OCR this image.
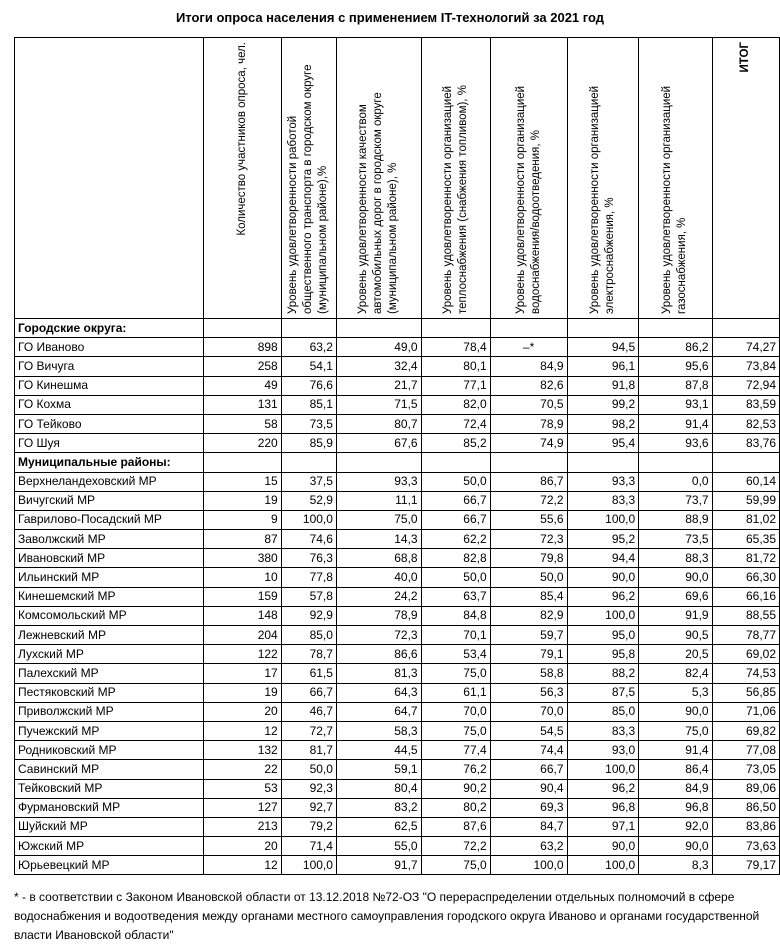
Итоги опроса населения с применением IT-технологий за 2021 год

	Количество участников опроса, чел.	Уровень удовлетворенности работой общественного транспорта в городском округе (муниципальном районе),%	Уровень удовлетворенности качеством автомобильных дорог в городском округе (муниципальном районе), %	Уровень удовлетворенности организацией теплоснабжения (снабжения топливом), %	Уровень удовлетворенности организацией водоснабжения/водоотведения, %	Уровень удовлетворенности организацией электроснабжения, %	Уровень удовлетворенности организацией газоснабжения, %	ИТОГ

Городские округа:								
ГО Иваново	898	63,2	49,0	78,4	–*	94,5	86,2	74,27
ГО Вичуга	258	54,1	32,4	80,1	84,9	96,1	95,6	73,84
ГО Кинешма	49	76,6	21,7	77,1	82,6	91,8	87,8	72,94
ГО Кохма	131	85,1	71,5	82,0	70,5	99,2	93,1	83,59
ГО Тейково	58	73,5	80,7	72,4	78,9	98,2	91,4	82,53
ГО Шуя	220	85,9	67,6	85,2	74,9	95,4	93,6	83,76
Муниципальные районы:								
Верхнеландеховский МР	15	37,5	93,3	50,0	86,7	93,3	0,0	60,14
Вичугский МР	19	52,9	11,1	66,7	72,2	83,3	73,7	59,99
Гаврилово-Посадский МР	9	100,0	75,0	66,7	55,6	100,0	88,9	81,02
Заволжский МР	87	74,6	14,3	62,2	72,3	95,2	73,5	65,35
Ивановский МР	380	76,3	68,8	82,8	79,8	94,4	88,3	81,72
Ильинский МР	10	77,8	40,0	50,0	50,0	90,0	90,0	66,30
Кинешемский МР	159	57,8	24,2	63,7	85,4	96,2	69,6	66,16
Комсомольский МР	148	92,9	78,9	84,8	82,9	100,0	91,9	88,55
Лежневский МР	204	85,0	72,3	70,1	59,7	95,0	90,5	78,77
Лухский МР	122	78,7	86,6	53,4	79,1	95,8	20,5	69,02
Палехский МР	17	61,5	81,3	75,0	58,8	88,2	82,4	74,53
Пестяковский МР	19	66,7	64,3	61,1	56,3	87,5	5,3	56,85
Приволжский МР	20	46,7	64,7	70,0	70,0	85,0	90,0	71,06
Пучежский МР	12	72,7	58,3	75,0	54,5	83,3	75,0	69,82
Родниковский МР	132	81,7	44,5	77,4	74,4	93,0	91,4	77,08
Савинский МР	22	50,0	59,1	76,2	66,7	100,0	86,4	73,05
Тейковский МР	53	92,3	80,4	90,2	90,4	96,2	84,9	89,06
Фурмановский МР	127	92,7	83,2	80,2	69,3	96,8	96,8	86,50
Шуйский МР	213	79,2	62,5	87,6	84,7	97,1	92,0	83,86
Южский МР	20	71,4	55,0	72,2	63,2	90,0	90,0	73,63
Юрьевецкий МР	12	100,0	91,7	75,0	100,0	100,0	8,3	79,17
* - в соответствии с Законом Ивановской области от 13.12.2018 №72-ОЗ "О перераспределении отдельных полномочий в сфере водоснабжения и водоотведения между органами местного самоуправления городского округа Иваново и органами государственной власти Ивановской области"
